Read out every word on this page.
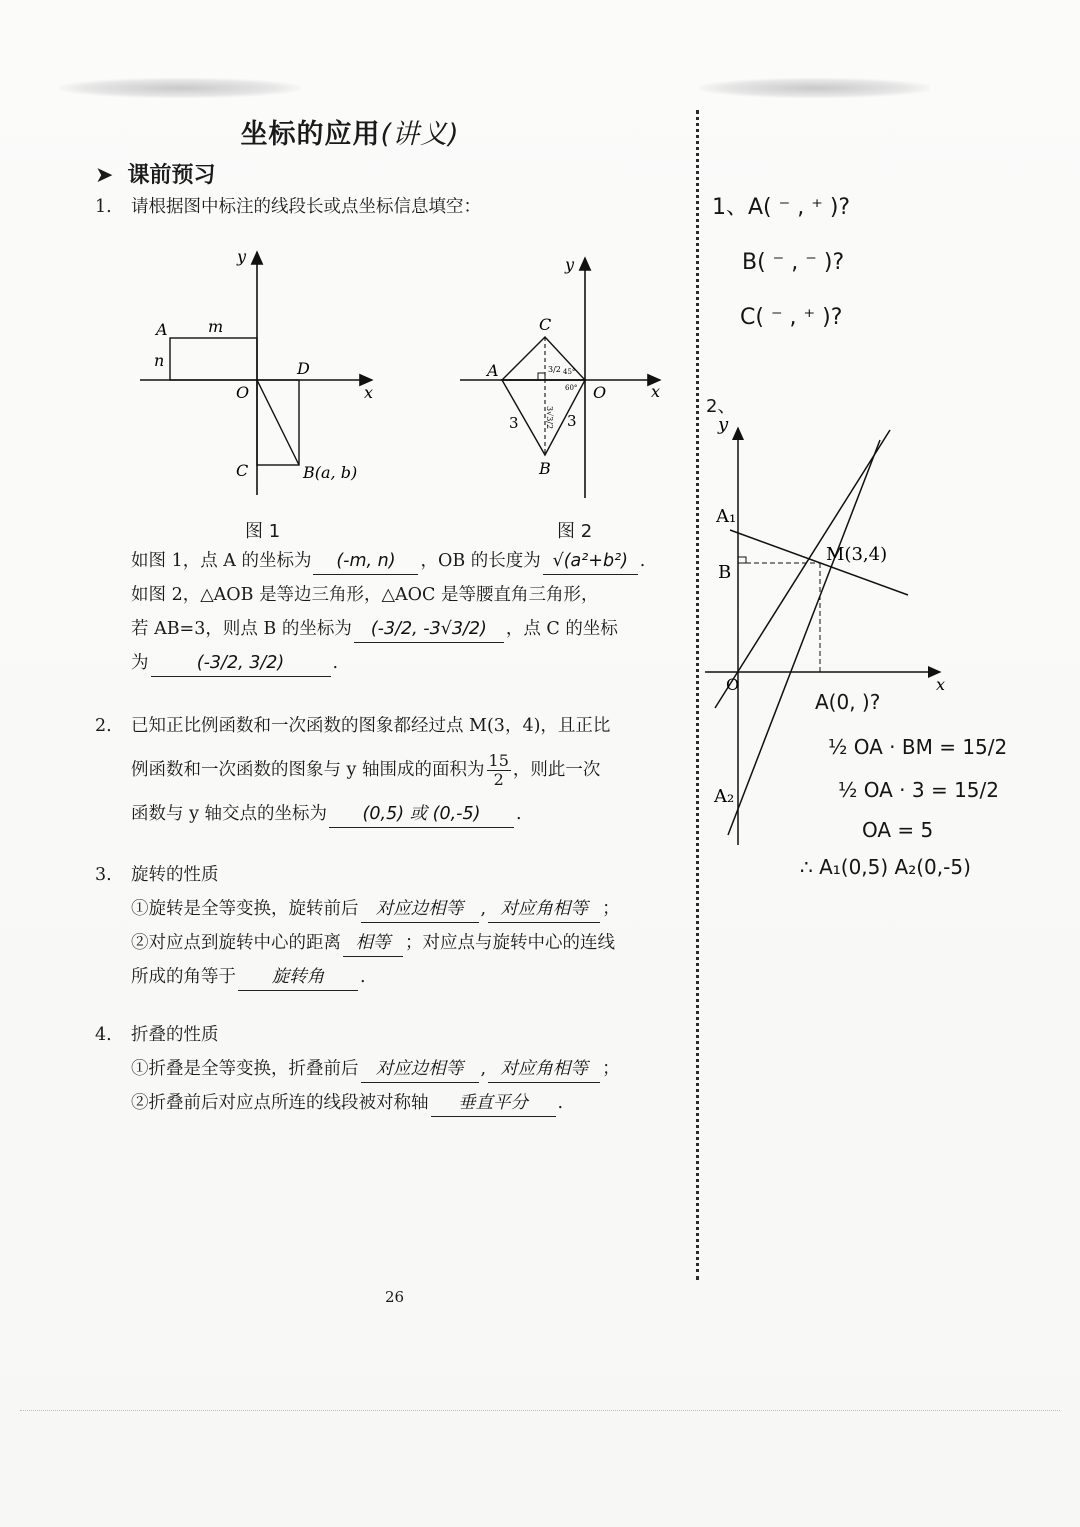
坐标的应用(讲义)
➤ 课前预习
1. 请根据图中标注的线段长或点坐标信息填空：
y
x
A	m
n
O
D
C	B(a, b)
图 1
y
x
A
C
O
B
3	3
3/2
3√3/2
45°
60°
图 2
如图 1，点 A 的坐标为 (-m, n) ，OB 的长度为 √(a²+b²) .
如图 2，△AOB 是等边三角形，△AOC 是等腰直角三角形，
若 AB=3，则点 B 的坐标为 (-3/2, -3√3/2) ，点 C 的坐标
为	(-3/2, 3/2)	.
2. 已知正比例函数和一次函数的图象都经过点 M(3，4)，且正比
例函数和一次函数的图象与 y 轴围成的面积为 $\frac{15}{2}$ ，则此一次
函数与 y 轴交点的坐标为 (0,5) 或 (0,-5) .
3. 旋转的性质
①旋转是全等变换，旋转前后 对应边相等 , 对应角相等 ；
②对应点到旋转中心的距离 相等 ；对应点与旋转中心的连线
所成的角等于 旋转角 .
4. 折叠的性质
①折叠是全等变换，折叠前后 对应边相等 , 对应角相等 ；
②折叠前后对应点所连的线段被对称轴 垂直平分 .
26
1、A( ⁻ , ⁺ )?
B( ⁻ , ⁻ )?
C( ⁻ , ⁺ )?
2、
y
x
A₁
B
M(3,4)
O
A₂
A(0, )?
½ OA · BM = 15/2
½ OA · 3 = 15/2
OA = 5
∴ A₁(0,5) A₂(0,-5)
